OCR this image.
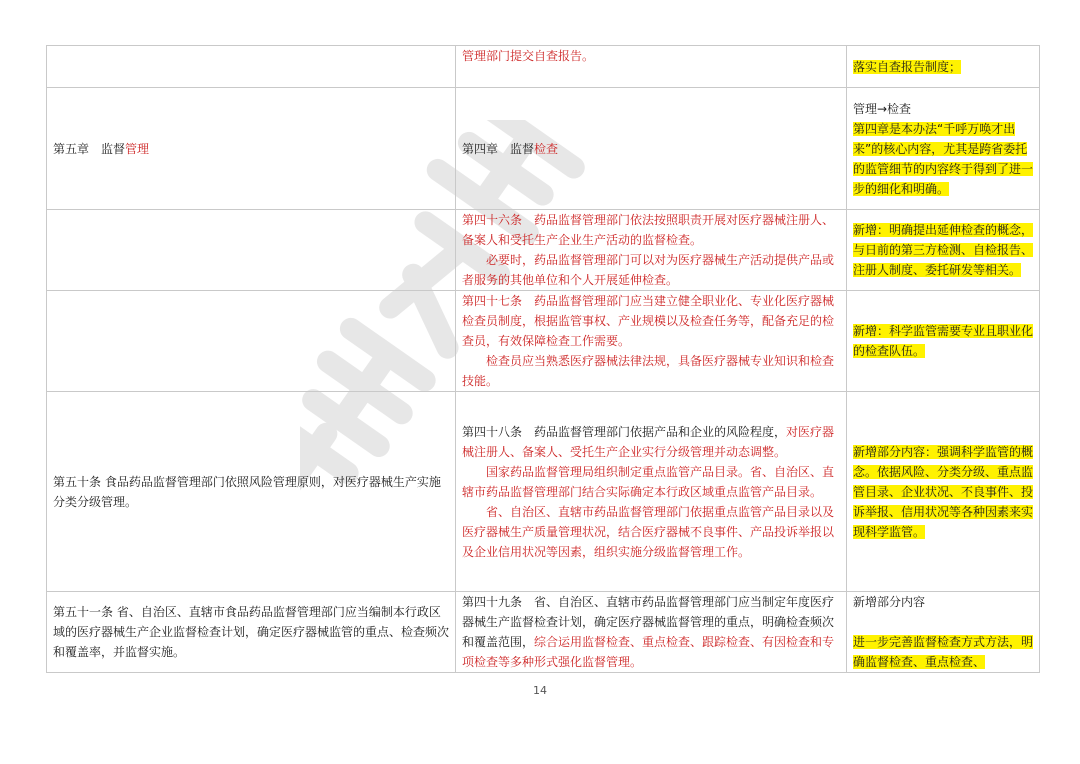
	管理部门提交自查报告。	落实自查报告制度；

第五章　监督管理	第四章　监督检查	管理→检查

第四章是本办法“千呼万唤才出来”的核心内容，尤其是跨省委托的监管细节的内容终于得到了进一步的细化和明确。

	第四十六条　药品监督管理部门依法按照职责开展对医疗器械注册人、备案人和受托生产企业生产活动的监督检查。

必要时，药品监督管理部门可以对为医疗器械生产活动提供产品或者服务的其他单位和个人开展延伸检查。	新增：明确提出延伸检查的概念，与日前的第三方检测、自检报告、注册人制度、委托研发等相关。

	第四十七条　药品监督管理部门应当建立健全职业化、专业化医疗器械检查员制度，根据监管事权、产业规模以及检查任务等，配备充足的检查员，有效保障检查工作需要。

检查员应当熟悉医疗器械法律法规，具备医疗器械专业知识和检查技能。	新增：科学监管需要专业且职业化的检查队伍。

第五十条 食品药品监督管理部门依照风险管理原则，对医疗器械生产实施分类分级管理。	第四十八条　药品监督管理部门依据产品和企业的风险程度，对医疗器械注册人、备案人、受托生产企业实行分级管理并动态调整。

国家药品监督管理局组织制定重点监管产品目录。省、自治区、直辖市药品监督管理部门结合实际确定本行政区域重点监管产品目录。

省、自治区、直辖市药品监督管理部门依据重点监管产品目录以及医疗器械生产质量管理状况，结合医疗器械不良事件、产品投诉举报以及企业信用状况等因素，组织实施分级监督管理工作。	新增部分内容：强调科学监管的概念。依据风险、分类分级、重点监管目录、企业状况、不良事件、投诉举报、信用状况等各种因素来实现科学监管。

第五十一条 省、自治区、直辖市食品药品监督管理部门应当编制本行政区域的医疗器械生产企业监督检查计划，确定医疗器械监管的重点、检查频次和覆盖率，并监督实施。	第四十九条　省、自治区、直辖市药品监督管理部门应当制定年度医疗器械生产监督检查计划，确定医疗器械监督管理的重点，明确检查频次和覆盖范围，综合运用监督检查、重点检查、跟踪检查、有因检查和专项检查等多种形式强化监督管理。	新增部分内容

进一步完善监督检查方式方法，明确监督检查、重点检查、

14
